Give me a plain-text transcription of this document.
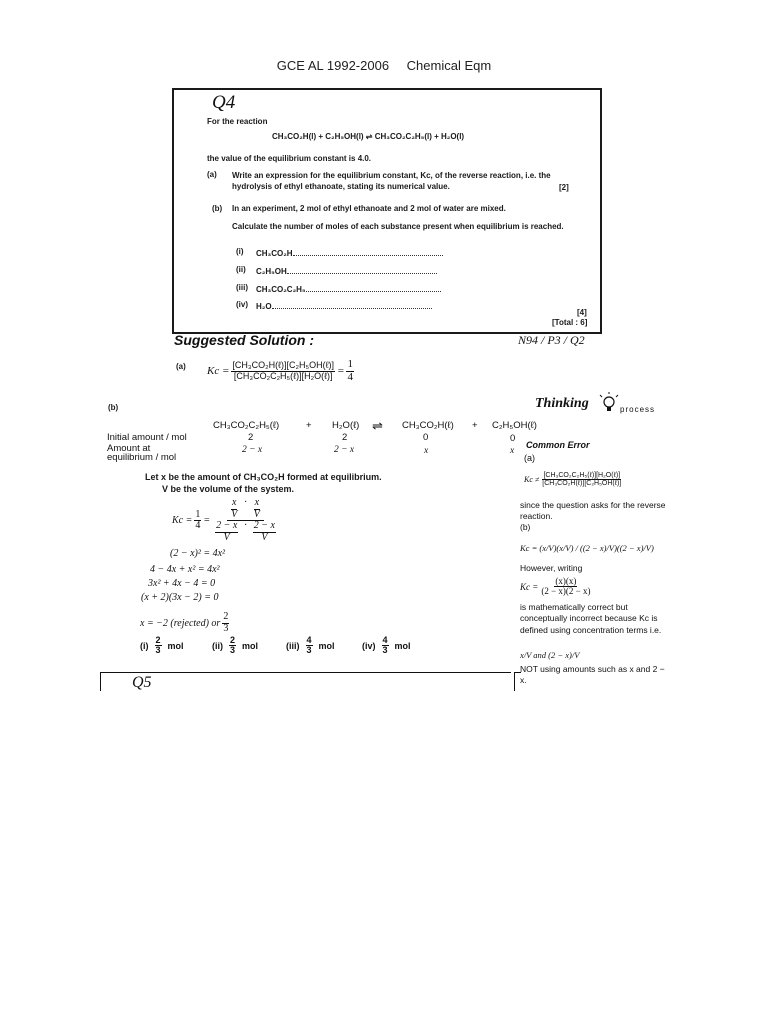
GCE AL 1992-2006 Chemical Eqm
Q4
For the reaction
CH₃CO₂H(l) + C₂H₅OH(l) ⇌ CH₃CO₂C₂H₅(l) + H₂O(l)
the value of the equilibrium constant is 4.0.
(a) Write an expression for the equilibrium constant, Kc, of the reverse reaction, i.e. the hydrolysis of ethyl ethanoate, stating its numerical value.	[2]
(b) In an experiment, 2 mol of ethyl ethanoate and 2 mol of water are mixed.
Calculate the number of moles of each substance present when equilibrium is reached.
(i) CH₃CO₂H
(ii) C₂H₅OH
(iii) CH₃CO₂C₂H₅
(iv) H₂O
[4]
[Total : 6]
Suggested Solution :	N94 / P3 / Q2
(a) $Kc = \frac{\text{[CH₃CO₂H(ℓ)][C₂H₅OH(ℓ)]}}{\text{[CH₃CO₂C₂H₅(ℓ)][H₂O(ℓ)]}} = \frac{1}{4}$
(b)
CH₃CO₂C₂H₅(ℓ)	+ H₂O(ℓ) ⇌ CH₃CO₂H(ℓ) + C₂H₅OH(ℓ)
Initial amount / mol	2	2	0	0
Amount at
equilibrium / mol
2 − x	2 − x	x	x
Let x be the amount of CH₃CO₂H formed at equilibrium.
V be the volume of the system.
$Kc = \frac{1}{4} = \frac{\frac{x}{V} \cdot \frac{x}{V}}{\frac{2 - x}{V} \cdot \frac{2 - x}{V}}$
(2 − x)² = 4x²
4 − 4x + x² = 4x²
3x² + 4x − 4 = 0
(x + 2)(3x − 2) = 0
x = −2 (rejected) or $\frac{2}{3}$
$(i) \frac{2}{3}$ mol	$(ii) \frac{2}{3}$ mol	$(iii) \frac{4}{3}$ mol	$(iv) \frac{4}{3}$ mol
Thinking	process
Common Error
(a)
$Kc \ne \frac{\text{[CH₃CO₂C₂H₅(ℓ)][H₂O(ℓ)]}}{\text{[CH₃CO₂H(ℓ)][C₂H₅OH(ℓ)]}}$
since the question asks for the reverse reaction.
(b)
Kc = (x/V)(x/V) / ((2 − x)/V)((2 − x)/V)
However, writing
$Kc = \frac{(x)(x)}{(2 - x)(2 - x)}$
is mathematically correct but conceptually incorrect because Kc is defined using concentration terms i.e.
x/V and (2 − x)/V
NOT using amounts such as x and 2 − x.
Q5
